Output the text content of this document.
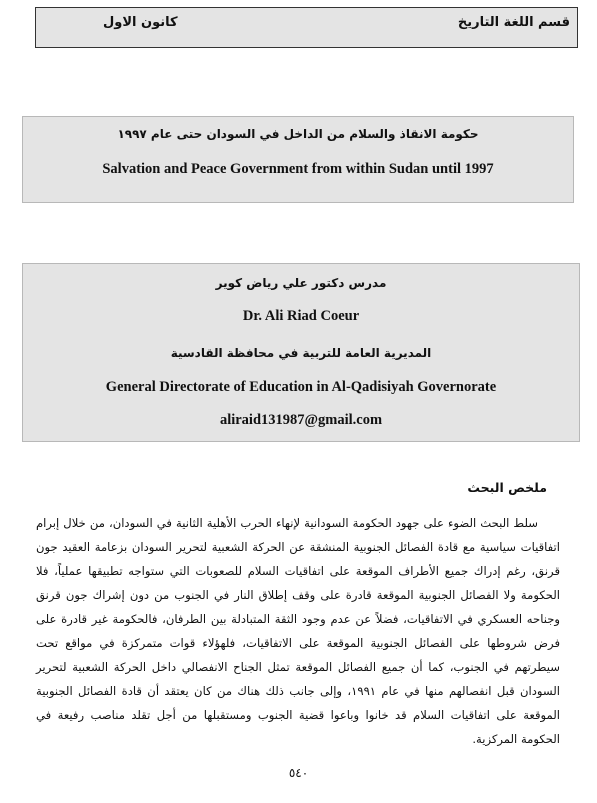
قسم اللغة التاريخ
كانون الاول
حكومة الانقاذ والسلام من الداخل في السودان حتى عام ١٩٩٧
Salvation and Peace Government from within Sudan until 1997
مدرس دكتور علي رياض كوير
Dr. Ali Riad Coeur
المديرية العامة للتربية في محافظة القادسية
General Directorate of Education in Al-Qadisiyah Governorate
aliraid131987@gmail.com
ملخص البحث

سلط البحث الضوء على جهود الحكومة السودانية لإنهاء الحرب الأهلية الثانية في السودان، من خلال إبرام اتفاقيات سياسية مع قادة الفصائل الجنوبية المنشقة عن الحركة الشعبية لتحرير السودان بزعامة العقيد جون قرنق، رغم إدراك جميع الأطراف الموقعة على اتفاقيات السلام للصعوبات التي ستواجه تطبيقها عملياً، فلا الحكومة ولا الفصائل الجنوبية الموقعة قادرة على وقف إطلاق النار في الجنوب من دون إشراك جون قرنق وجناحه العسكري في الاتفاقيات، فضلاً عن عدم وجود الثقة المتبادلة بين الطرفان، فالحكومة غير قادرة على فرض شروطها على الفصائل الجنوبية الموقعة على الاتفاقيات، فلهؤلاء قوات متمركزة في مواقع تحت سيطرتهم في الجنوب، كما أن جميع الفصائل الموقعة تمثل الجناح الانفصالي داخل الحركة الشعبية لتحرير السودان قبل انفصالهم منها في عام ١٩٩١، وإلى جانب ذلك هناك من كان يعتقد أن قادة الفصائل الجنوبية الموقعة على اتفاقيات السلام قد خانوا وباعوا قضية الجنوب ومستقبلها من أجل تقلد مناصب رفيعة في الحكومة المركزية.

٥٤٠
